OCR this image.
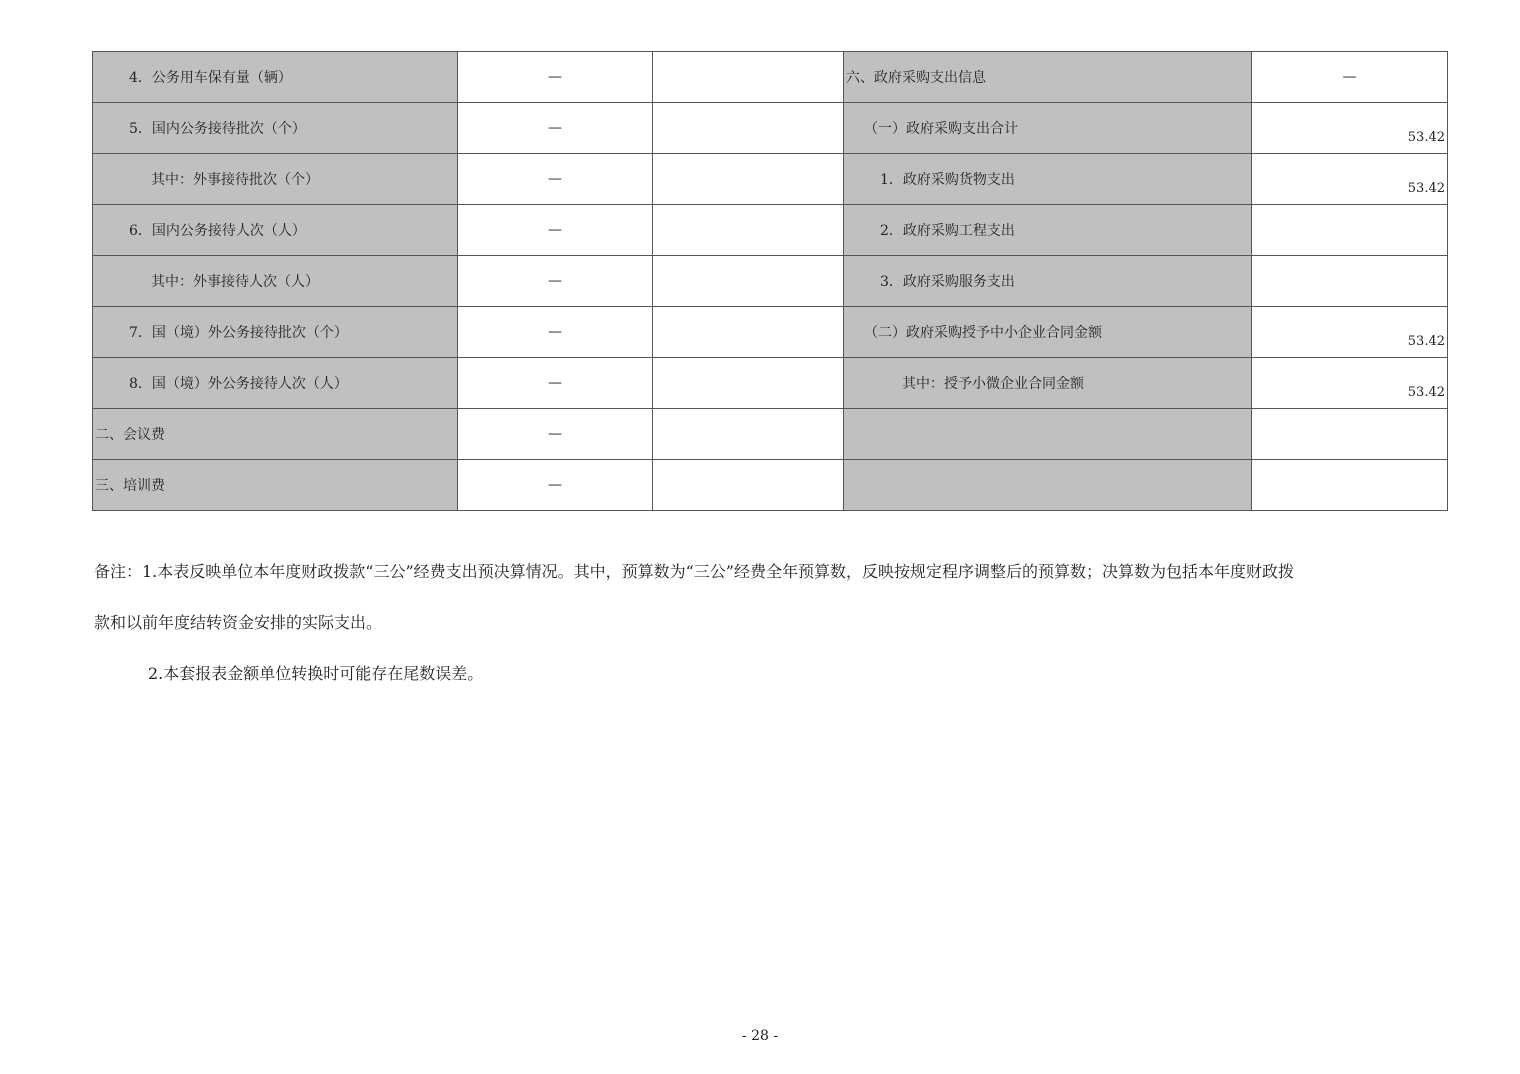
4．公务用车保有量（辆）	—		六、政府采购支出信息	—
5．国内公务接待批次（个）	—		（一）政府采购支出合计	53.42
其中：外事接待批次（个）	—		1．政府采购货物支出	53.42
6．国内公务接待人次（人）	—		2．政府采购工程支出	
其中：外事接待人次（人）	—		3．政府采购服务支出	
7．国（境）外公务接待批次（个）	—		（二）政府采购授予中小企业合同金额	53.42
8．国（境）外公务接待人次（人）	—		其中：授予小微企业合同金额	53.42
二、会议费	—			
三、培训费	—			

备注：1.本表反映单位本年度财政拨款“三公”经费支出预决算情况。其中，预算数为“三公”经费全年预算数，反映按规定程序调整后的预算数；决算数为包括本年度财政拨

款和以前年度结转资金安排的实际支出。

2.本套报表金额单位转换时可能存在尾数误差。

- 28 -
